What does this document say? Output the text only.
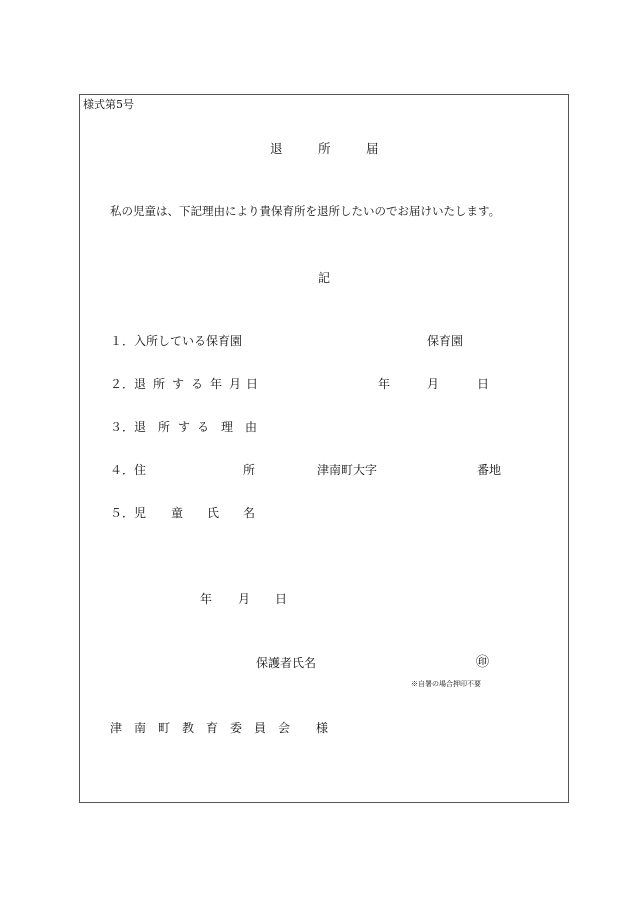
様式第5号
退	所	届
私の児童は、下記理由により貴保育所を退所したいのでお届けいたします。
記
１．入所している保育園	保育園
２．退 所 す る 年 月 日	年	月	日
３．退 所 す る 理 由
４．住	所	津南町大字	番地
５．児 童 氏 名
年 月 日
保護者氏名	㊞
※自署の場合押印不要
津 南 町 教 育 委 員 会 様
